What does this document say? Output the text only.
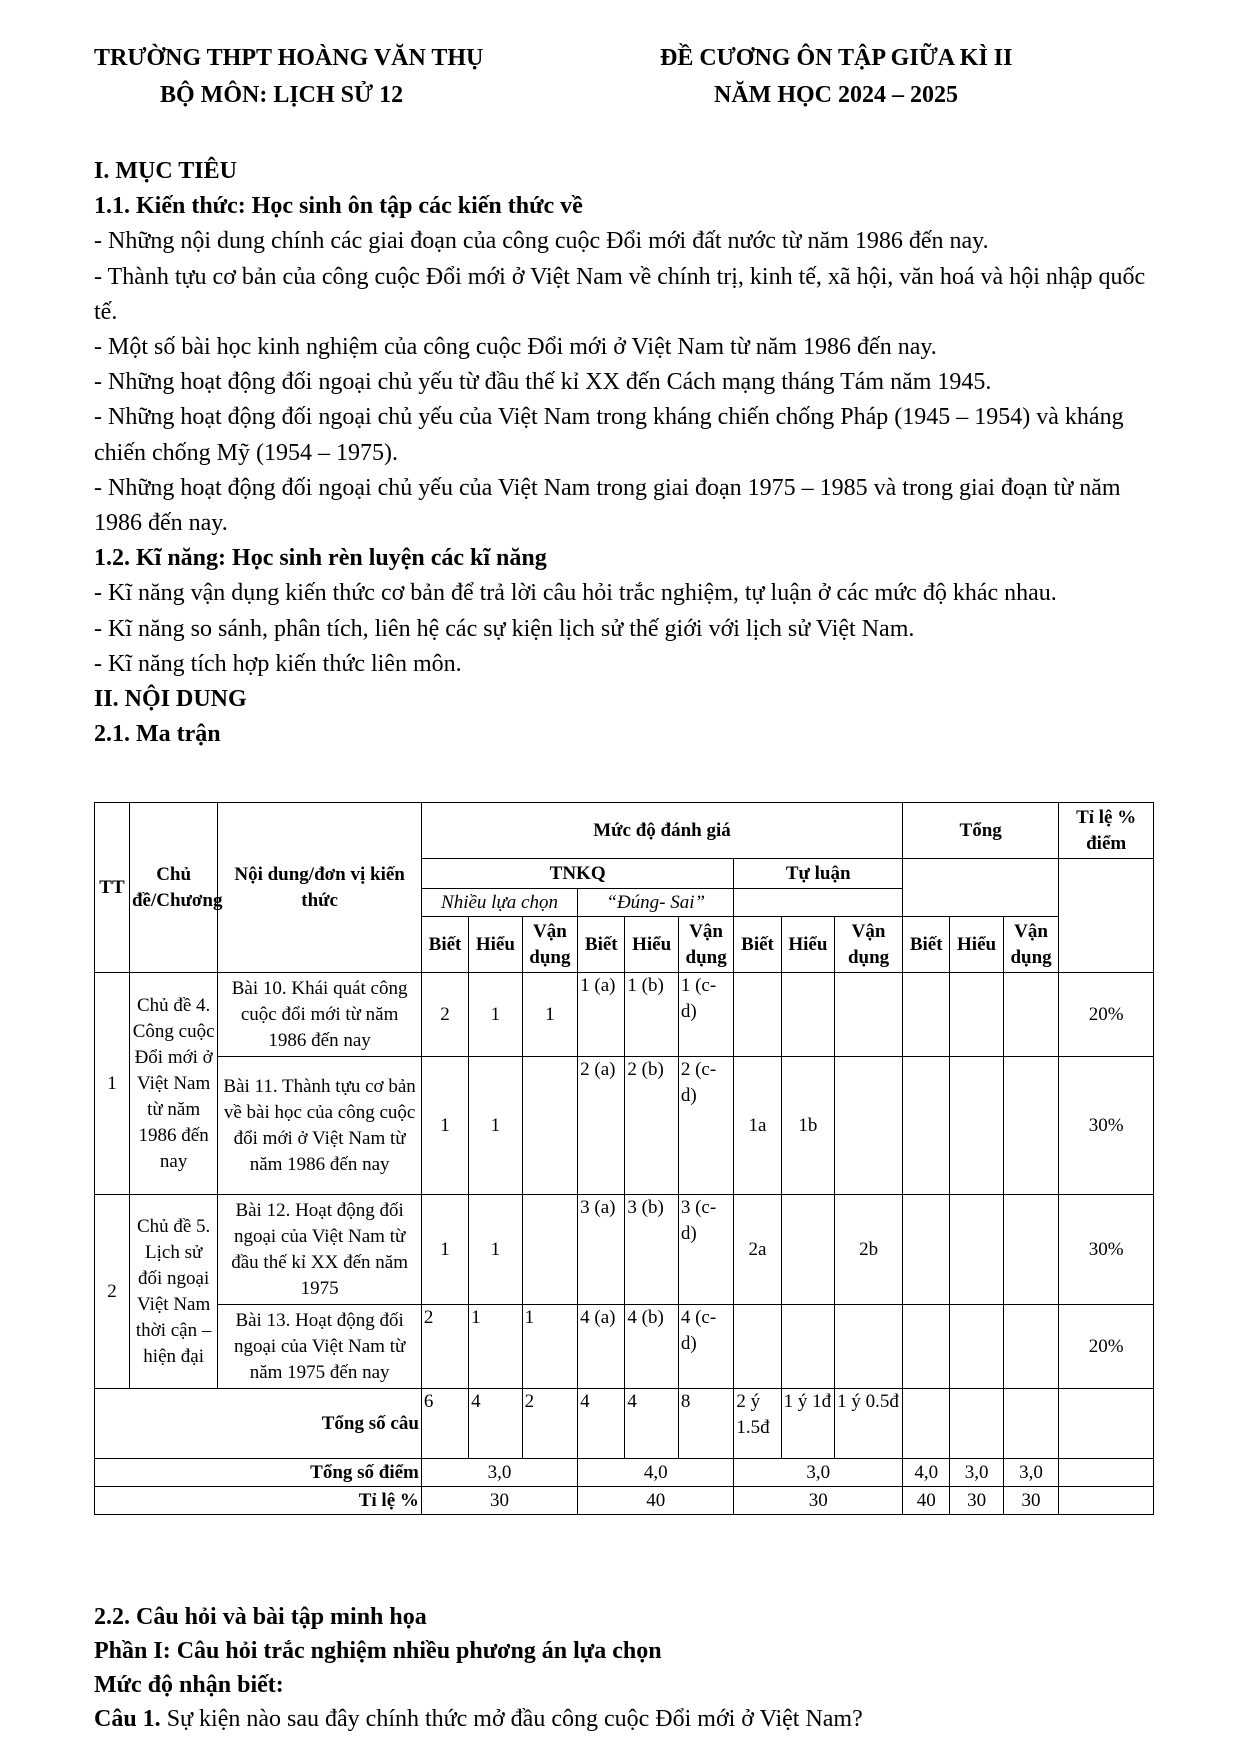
TRƯỜNG THPT HOÀNG VĂN THỤ
BỘ MÔN: LỊCH SỬ 12
ĐỀ CƯƠNG ÔN TẬP GIỮA KÌ II
NĂM HỌC 2024 – 2025

I. MỤC TIÊU

1.1. Kiến thức: Học sinh ôn tập các kiến thức về

- Những nội dung chính các giai đoạn của công cuộc Đổi mới đất nước từ năm 1986 đến nay.

- Thành tựu cơ bản của công cuộc Đổi mới ở Việt Nam về chính trị, kinh tế, xã hội, văn hoá và hội nhập quốc tế.

- Một số bài học kinh nghiệm của công cuộc Đổi mới ở Việt Nam từ năm 1986 đến nay.

- Những hoạt động đối ngoại chủ yếu từ đầu thế kỉ XX đến Cách mạng tháng Tám năm 1945.

- Những hoạt động đối ngoại chủ yếu của Việt Nam trong kháng chiến chống Pháp (1945 – 1954) và kháng chiến chống Mỹ (1954 – 1975).

- Những hoạt động đối ngoại chủ yếu của Việt Nam trong giai đoạn 1975 – 1985 và trong giai đoạn từ năm 1986 đến nay.

1.2. Kĩ năng: Học sinh rèn luyện các kĩ năng

- Kĩ năng vận dụng kiến thức cơ bản để trả lời câu hỏi trắc nghiệm, tự luận ở các mức độ khác nhau.

- Kĩ năng so sánh, phân tích, liên hệ các sự kiện lịch sử thế giới với lịch sử Việt Nam.

- Kĩ năng tích hợp kiến thức liên môn.

II. NỘI DUNG

2.1. Ma trận

TT	Chủ đề/Chương	Nội dung/đơn vị kiến thức	Mức độ đánh giá									Tổng			Tỉ lệ % điểm
			TNKQ						Tự luận						
			Nhiều lựa chọn			“Đúng- Sai”									
			Biết	Hiểu	Vận dụng	Biết	Hiểu	Vận dụng	Biết	Hiểu	Vận dụng	Biết	Hiểu	Vận dụng	
1	Chủ đề 4. Công cuộc Đổi mới ở Việt Nam từ năm 1986 đến nay	Bài 10. Khái quát công cuộc đổi mới từ năm 1986 đến nay	2	1	1	1 (a)	1 (b)	1 (c-d)							20%
		Bài 11. Thành tựu cơ bản về bài học của công cuộc đổi mới ở Việt Nam từ năm 1986 đến nay	1	1		2 (a)	2 (b)	2 (c-d)	1a	1b					30%
2	Chủ đề 5. Lịch sử đối ngoại Việt Nam thời cận – hiện đại	Bài 12. Hoạt động đối ngoại của Việt Nam từ đầu thế kỉ XX đến năm 1975	1	1		3 (a)	3 (b)	3 (c-d)	2a		2b				30%
		Bài 13. Hoạt động đối ngoại của Việt Nam từ năm 1975 đến nay	2	1	1	4 (a)	4 (b)	4 (c-d)							20%
Tổng số câu			6	4	2	4	4	8	2 ý 1.5đ	1 ý 1đ	1 ý 0.5đ				
Tổng số điểm			3,0			4,0			3,0			4,0	3,0	3,0	
Tỉ lệ %			30			40			30			40	30	30	

2.2. Câu hỏi và bài tập minh họa

Phần I: Câu hỏi trắc nghiệm nhiều phương án lựa chọn

Mức độ nhận biết:

Câu 1. Sự kiện nào sau đây chính thức mở đầu công cuộc Đổi mới ở Việt Nam?
